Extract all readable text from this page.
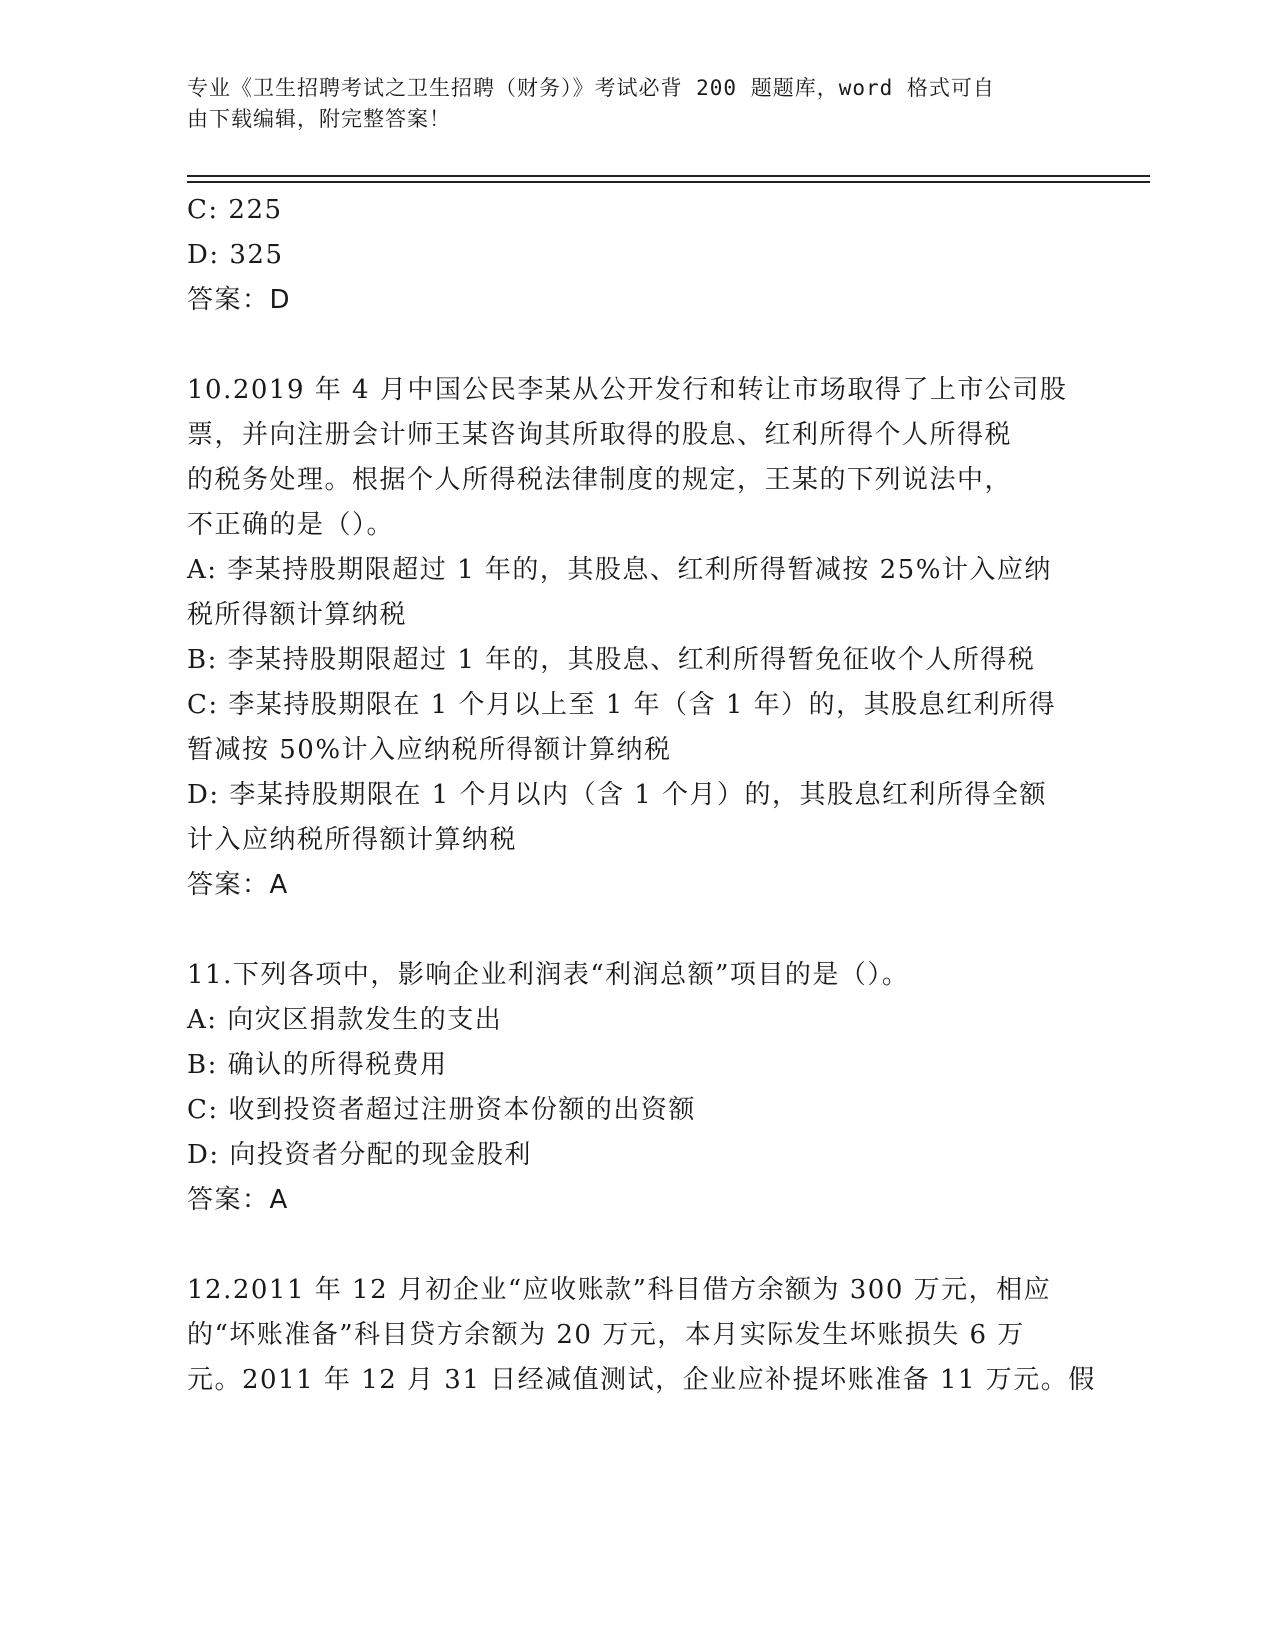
专业《卫生招聘考试之卫生招聘（财务）》考试必背 200 题题库，word 格式可自
由下载编辑，附完整答案！
C: 225
D: 325
答案：D
10.2019 年 4 月中国公民李某从公开发行和转让市场取得了上市公司股
票，并向注册会计师王某咨询其所取得的股息、红利所得个人所得税
的税务处理。根据个人所得税法律制度的规定，王某的下列说法中，
不正确的是（）。
A: 李某持股期限超过 1 年的，其股息、红利所得暂减按 25%计入应纳
税所得额计算纳税
B: 李某持股期限超过 1 年的，其股息、红利所得暂免征收个人所得税
C: 李某持股期限在 1 个月以上至 1 年（含 1 年）的，其股息红利所得
暂减按 50%计入应纳税所得额计算纳税
D: 李某持股期限在 1 个月以内（含 1 个月）的，其股息红利所得全额
计入应纳税所得额计算纳税
答案：A
11.下列各项中，影响企业利润表“利润总额”项目的是（）。
A: 向灾区捐款发生的支出
B: 确认的所得税费用
C: 收到投资者超过注册资本份额的出资额
D: 向投资者分配的现金股利
答案：A
12.2011 年 12 月初企业“应收账款”科目借方余额为 300 万元，相应
的“坏账准备”科目贷方余额为 20 万元，本月实际发生坏账损失 6 万
元。2011 年 12 月 31 日经减值测试，企业应补提坏账准备 11 万元。假
